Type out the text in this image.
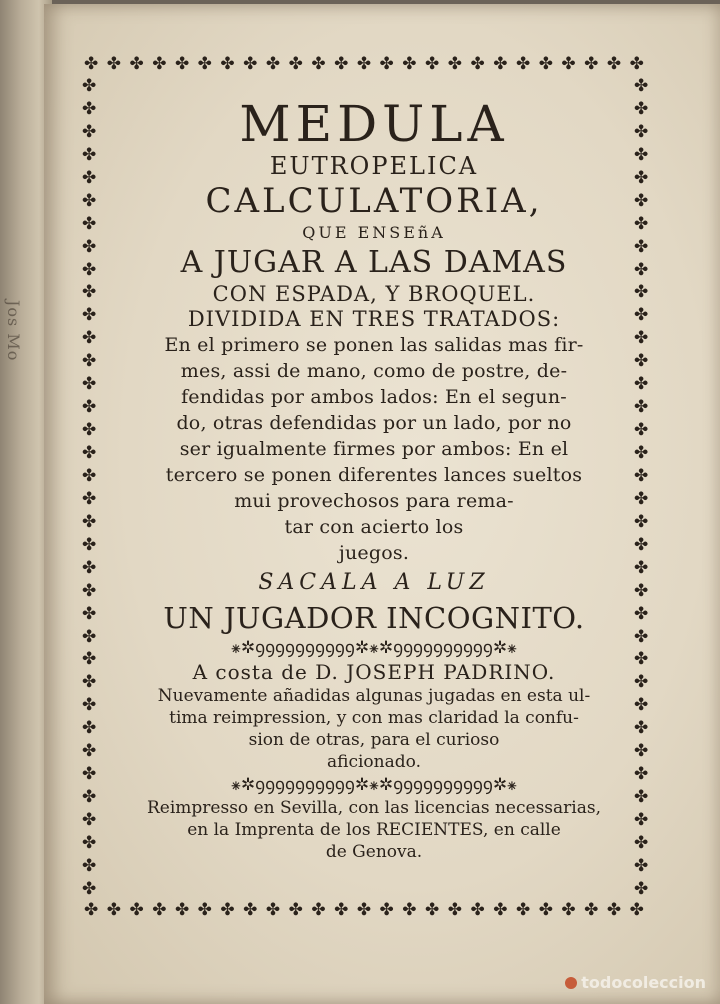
Jos Mo
✤ ✤ ✤ ✤ ✤ ✤ ✤ ✤ ✤ ✤ ✤ ✤ ✤ ✤ ✤ ✤ ✤ ✤ ✤ ✤ ✤ ✤ ✤ ✤ ✤
✤ ✤ ✤ ✤ ✤ ✤ ✤ ✤ ✤ ✤ ✤ ✤ ✤ ✤ ✤ ✤ ✤ ✤ ✤ ✤ ✤ ✤ ✤ ✤ ✤
✤
✤
✤
✤
✤
✤
✤
✤
✤
✤
✤
✤
✤
✤
✤
✤
✤
✤
✤
✤
✤
✤
✤
✤
✤
✤
✤
✤
✤
✤
✤
✤
✤
✤
✤
✤
✤
✤
✤
✤
✤
✤
✤
✤
✤
✤
✤
✤
✤
✤
✤
✤
✤
✤
✤
✤
✤
✤
✤
✤
✤
✤
✤
✤
✤
✤
✤
✤
✤
✤
✤
✤
MEDULA
EUTROPELICA
CALCULATORIA,
QUE ENSEñA
A JUGAR A LAS DAMAS
CON ESPADA, Y BROQUEL.
DIVIDIDA EN TRES TRATADOS:
En el primero se ponen las salidas mas fir-
mes, assi de mano, como de postre, de-
fendidas por ambos lados: En el segun-
do, otras defendidas por un lado, por no
ser igualmente firmes por ambos: En el
tercero se ponen diferentes lances sueltos
mui provechosos para rema-
tar con acierto los
juegos.
SACALA A LUZ
UN JUGADOR INCOGNITO.
⁕✲ꝯꝯꝯꝯꝯꝯꝯꝯꝯꝯ✲⁕✲ꝯꝯꝯꝯꝯꝯꝯꝯꝯꝯ✲⁕
A costa de D. JOSEPH PADRINO.
Nuevamente añadidas algunas jugadas en esta ul-
tima reimpression, y con mas claridad la confu-
sion de otras, para el curioso
aficionado.
⁕✲ꝯꝯꝯꝯꝯꝯꝯꝯꝯꝯ✲⁕✲ꝯꝯꝯꝯꝯꝯꝯꝯꝯꝯ✲⁕
Reimpresso en Sevilla, con las licencias necessarias,
en la Imprenta de los RECIENTES, en calle
de Genova.
todocoleccion
